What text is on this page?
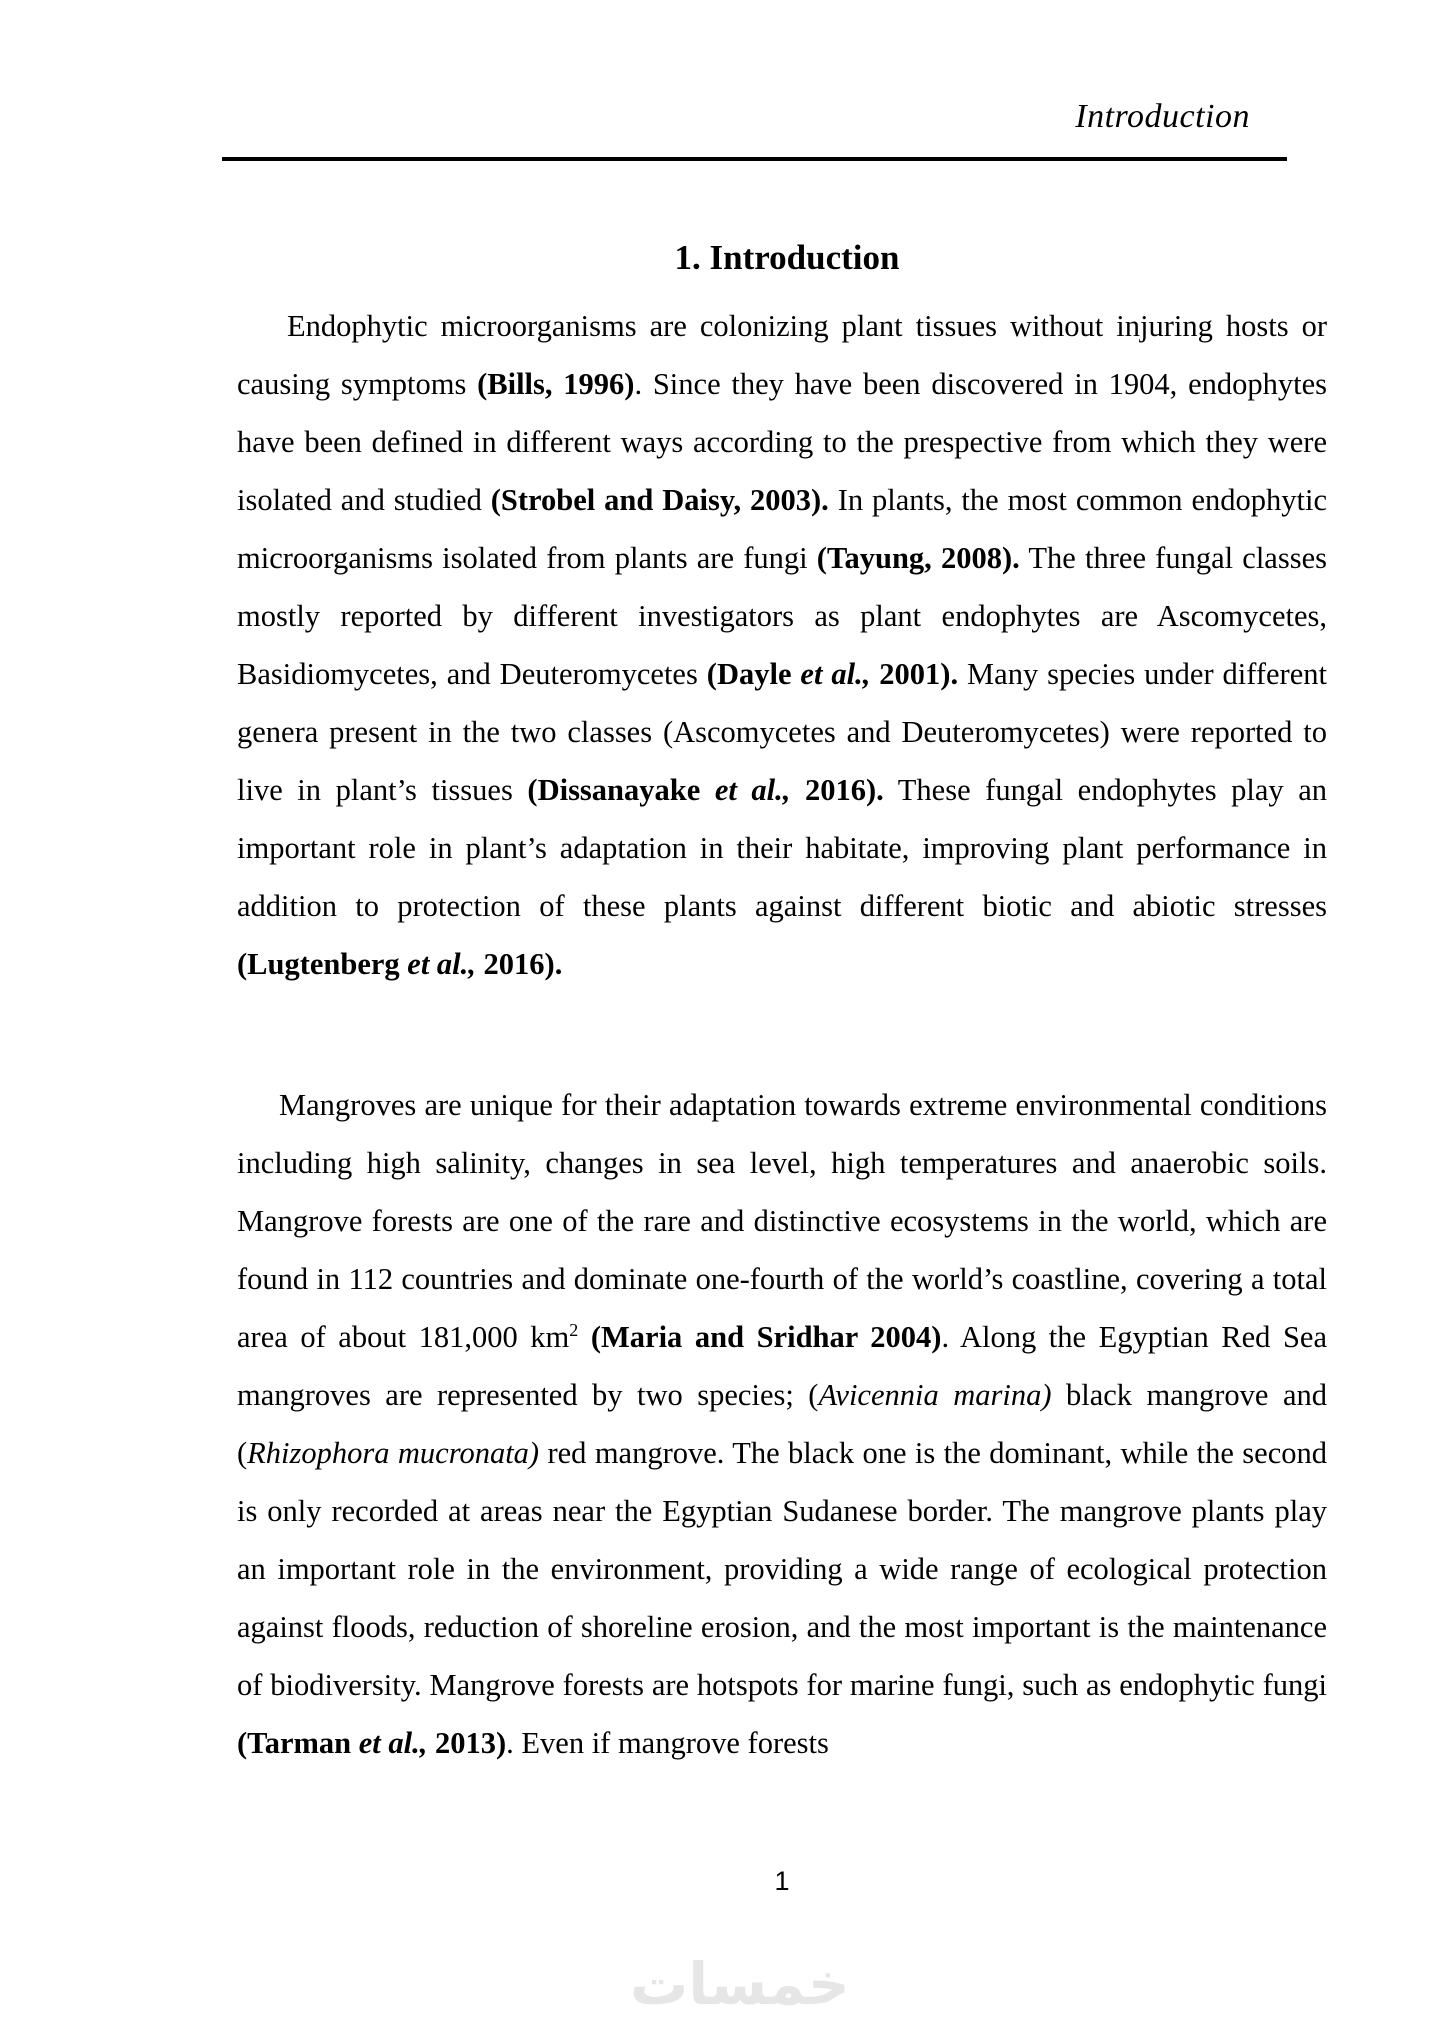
Introduction
1. Introduction

Endophytic microorganisms are colonizing plant tissues without injuring hosts or causing symptoms (Bills, 1996). Since they have been discovered in 1904, endophytes have been defined in different ways according to the prespective from which they were isolated and studied (Strobel and Daisy, 2003). In plants, the most common endophytic microorganisms isolated from plants are fungi (Tayung, 2008). The three fungal classes mostly reported by different investigators as plant endophytes are Ascomycetes, Basidiomycetes, and Deuteromycetes (Dayle et al., 2001). Many species under different genera present in the two classes (Ascomycetes and Deuteromycetes) were reported to live in plant’s tissues (Dissanayake et al., 2016). These fungal endophytes play an important role in plant’s adaptation in their habitate, improving plant performance in addition to protection of these plants against different biotic and abiotic stresses (Lugtenberg et al., 2016).

Mangroves are unique for their adaptation towards extreme environmental conditions including high salinity, changes in sea level, high temperatures and anaerobic soils. Mangrove forests are one of the rare and distinctive ecosystems in the world, which are found in 112 countries and dominate one-fourth of the world’s coastline, covering a total area of about 181,000 $km^2$ (Maria and Sridhar 2004). Along the Egyptian Red Sea mangroves are represented by two species; (Avicennia marina) black mangrove and (Rhizophora mucronata) red mangrove. The black one is the dominant, while the second is only recorded at areas near the Egyptian Sudanese border. The mangrove plants play an important role in the environment, providing a wide range of ecological protection against floods, reduction of shoreline erosion, and the most important is the maintenance of biodiversity. Mangrove forests are hotspots for marine fungi, such as endophytic fungi (Tarman et al., 2013). Even if mangrove forests

1
خمسات
